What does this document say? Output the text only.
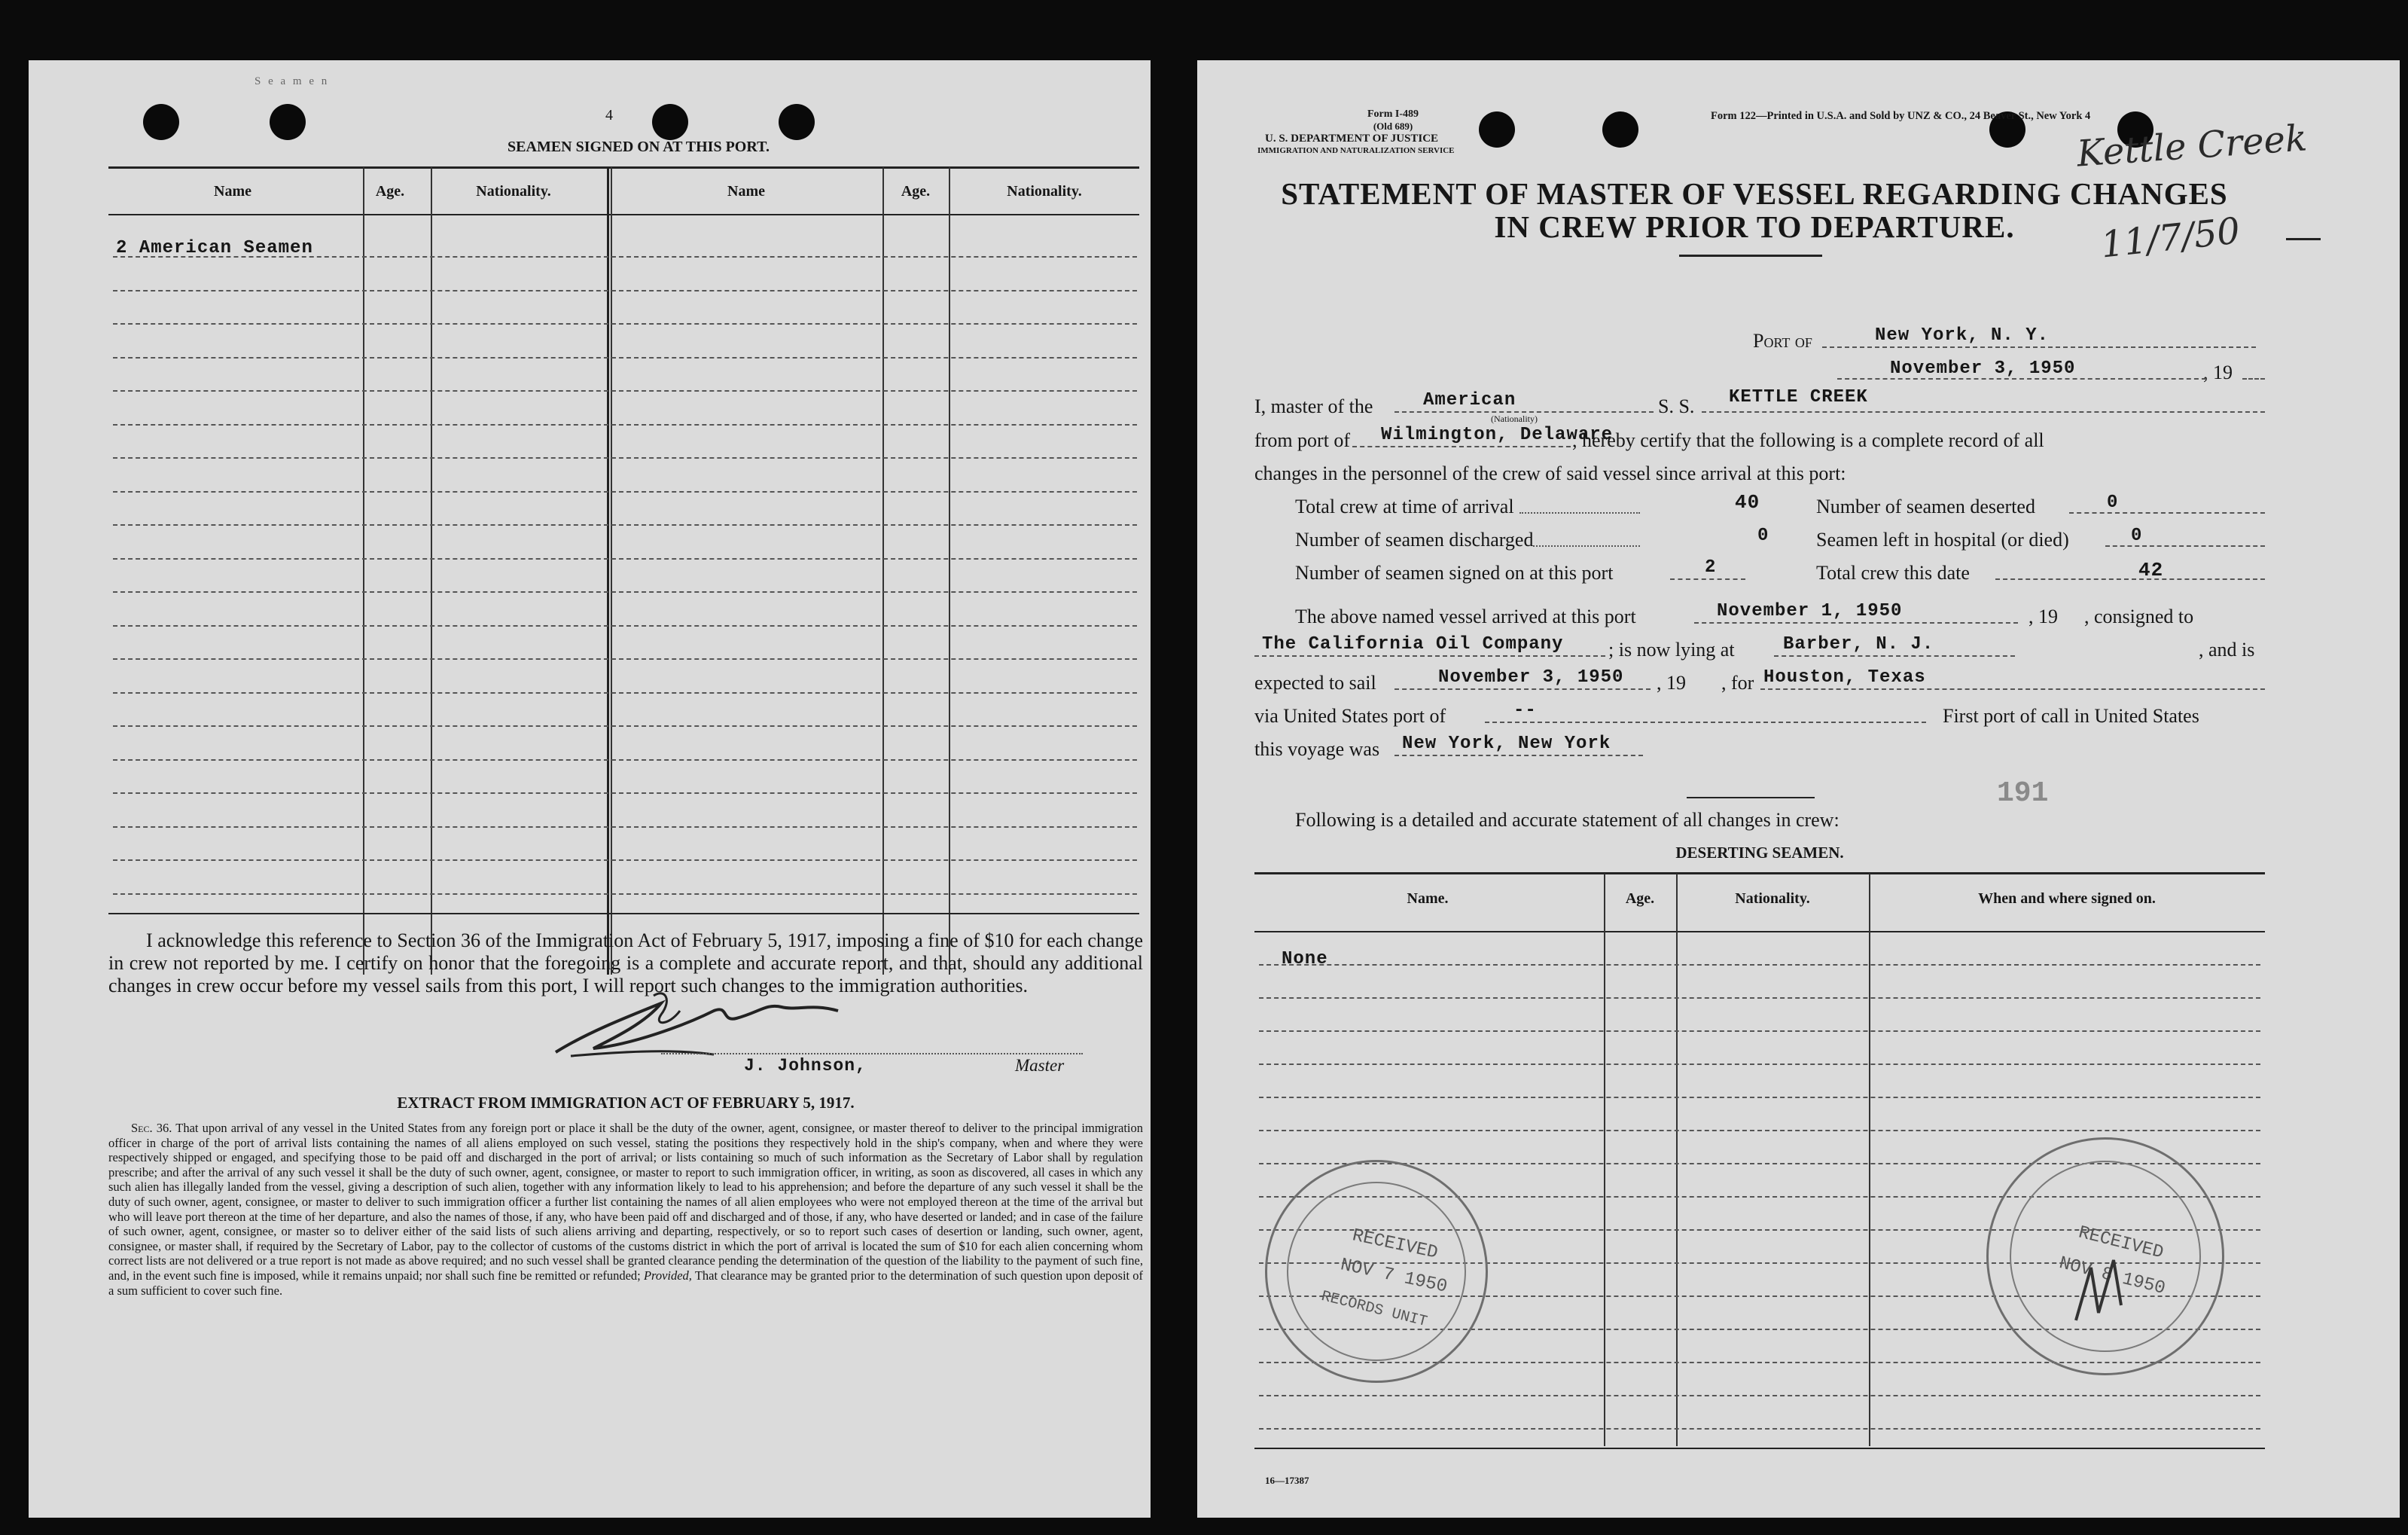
S e a m e n
4
SEAMEN SIGNED ON AT THIS PORT.
Name	Age.	Nationality.	Name	Age.	Nationality.
2 American Seamen
I acknowledge this reference to Section 36 of the Immigration Act of February 5, 1917, imposing a fine of $10 for each change in crew not reported by me. I certify on honor that the foregoing is a complete and accurate report, and that, should any additional changes in crew occur before my vessel sails from this port, I will report such changes to the immigration authorities.
J. Johnson,	Master
EXTRACT FROM IMMIGRATION ACT OF FEBRUARY 5, 1917.
Sec. 36. That upon arrival of any vessel in the United States from any foreign port or place it shall be the duty of the owner, agent, consignee, or master thereof to deliver to the principal immigration officer in charge of the port of arrival lists containing the names of all aliens employed on such vessel, stating the positions they respectively hold in the ship's company, when and where they were respectively shipped or engaged, and specifying those to be paid off and discharged in the port of arrival; or lists containing so much of such information as the Secretary of Labor shall by regulation prescribe; and after the arrival of any such vessel it shall be the duty of such owner, agent, consignee, or master to report to such immigration officer, in writing, as soon as discovered, all cases in which any such alien has illegally landed from the vessel, giving a description of such alien, together with any information likely to lead to his apprehension; and before the departure of any such vessel it shall be the duty of such owner, agent, consignee, or master to deliver to such immigration officer a further list containing the names of all alien employees who were not employed thereon at the time of the arrival but who will leave port thereon at the time of her departure, and also the names of those, if any, who have been paid off and discharged and of those, if any, who have deserted or landed; and in case of the failure of such owner, agent, consignee, or master so to deliver either of the said lists of such aliens arriving and departing, respectively, or so to report such cases of desertion or landing, such owner, agent, consignee, or master shall, if required by the Secretary of Labor, pay to the collector of customs of the customs district in which the port of arrival is located the sum of $10 for each alien concerning whom correct lists are not delivered or a true report is not made as above required; and no such vessel shall be granted clearance pending the determination of the question of the liability to the payment of such fine, and, in the event such fine is imposed, while it remains unpaid; nor shall such fine be remitted or refunded; Provided, That clearance may be granted prior to the determination of such question upon deposit of a sum sufficient to cover such fine.
Form I-489
(Old 689)
U. S. DEPARTMENT OF JUSTICE
IMMIGRATION AND NATURALIZATION SERVICE
Form 122—Printed in U.S.A. and Sold by UNZ & CO., 24 Beaver St., New York 4
Kettle Creek
11/7/50
STATEMENT OF MASTER OF VESSEL REGARDING CHANGES
IN CREW PRIOR TO DEPARTURE.
Port of	New York, N. Y.
November 3, 1950	, 19
I, master of the	American
(Nationality)
S. S. KETTLE CREEK
from port of Wilmington, Delaware
, hereby certify that the following is a complete record of all
changes in the personnel of the crew of said vessel since arrival at this port:
Total crew at time of arrival	40	Number of seamen deserted	0
Number of seamen discharged	0 Seamen left in hospital (or died)	0
Number of seamen signed on at this port	2	Total crew this date	42
The above named vessel arrived at this port	November 1, 1950	, 19 , consigned to
The California Oil Company ; is now lying at	Barber, N. J.	, and is
expected to sail	November 3, 1950 , 19 , for Houston, Texas
via United States port of	--	First port of call in United States
this voyage was New York, New York
191
Following is a detailed and accurate statement of all changes in crew:
DESERTING SEAMEN.
Name.	Age.	Nationality.	When and where signed on.
None
16—17387
RECEIVED
NOV 7 1950
RECORDS UNIT
RECEIVED
NOV 8 1950
